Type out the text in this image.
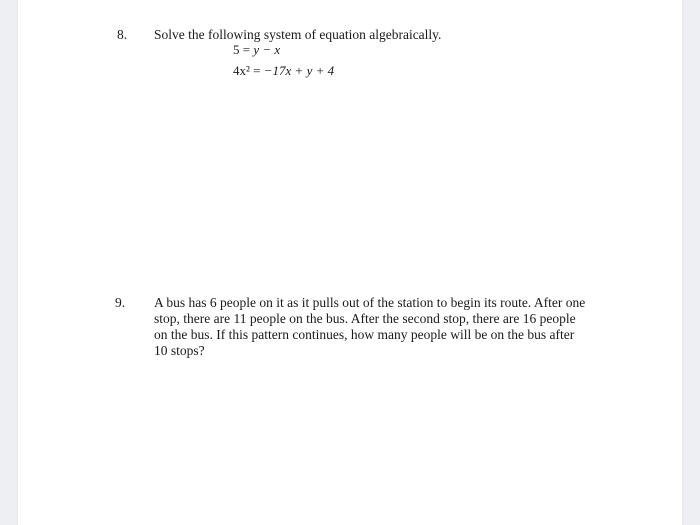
8. Solve the following system of equation algebraically.
5 = y − x
4x² = −17x + y + 4
9. A bus has 6 people on it as it pulls out of the station to begin its route. After one stop, there are 11 people on the bus. After the second stop, there are 16 people on the bus. If this pattern continues, how many people will be on the bus after 10 stops?
